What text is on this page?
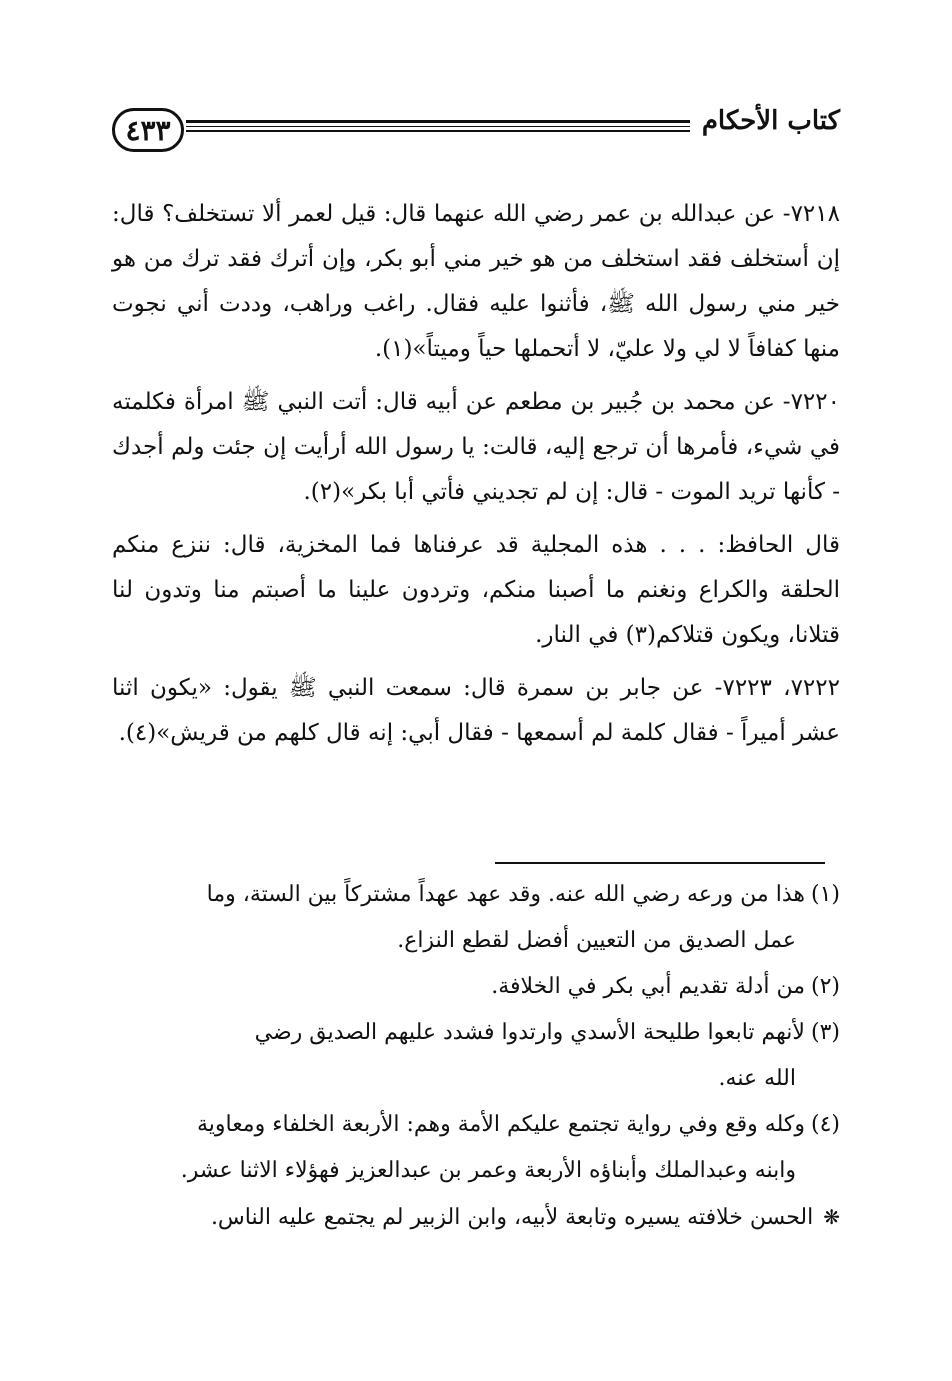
٤٣٣	كتاب الأحكام

٧٢١٨- عن عبدالله بن عمر رضي الله عنهما قال: قيل لعمر ألا تستخلف؟ قال: إن أستخلف فقد استخلف من هو خير مني أبو بكر، وإن أترك فقد ترك من هو خير مني رسول الله ﷺ، فأثنوا عليه فقال. راغب وراهب، وددت أني نجوت منها كفافاً لا لي ولا عليّ، لا أتحملها حياً وميتاً»(١).

٧٢٢٠- عن محمد بن جُبير بن مطعم عن أبيه قال: أتت النبي ﷺ امرأة فكلمته في شيء، فأمرها أن ترجع إليه، قالت: يا رسول الله أرأيت إن جئت ولم أجدك - كأنها تريد الموت - قال: إن لم تجديني فأتي أبا بكر»(٢).

قال الحافظ: . . . هذه المجلية قد عرفناها فما المخزية، قال: ننزع منكم الحلقة والكراع ونغنم ما أصبنا منكم، وتردون علينا ما أصبتم منا وتدون لنا قتلانا، ويكون قتلاكم(٣) في النار.

٧٢٢٢، ٧٢٢٣- عن جابر بن سمرة قال: سمعت النبي ﷺ يقول: «يكون اثنا عشر أميراً - فقال كلمة لم أسمعها - فقال أبي: إنه قال كلهم من قريش»(٤).

(١)هذا من ورعه رضي الله عنه. وقد عهد عهداً مشتركاً بين الستة، وما

عمل الصديق من التعيين أفضل لقطع النزاع.

(٢)من أدلة تقديم أبي بكر في الخلافة.

(٣)لأنهم تابعوا طليحة الأسدي وارتدوا فشدد عليهم الصديق رضي

الله عنه.

(٤)وكله وقع وفي رواية تجتمع عليكم الأمة وهم: الأربعة الخلفاء ومعاوية

وابنه وعبدالملك وأبناؤه الأربعة وعمر بن عبدالعزيز فهؤلاء الاثنا عشر.

❋الحسن خلافته يسيره وتابعة لأبيه، وابن الزبير لم يجتمع عليه الناس.
